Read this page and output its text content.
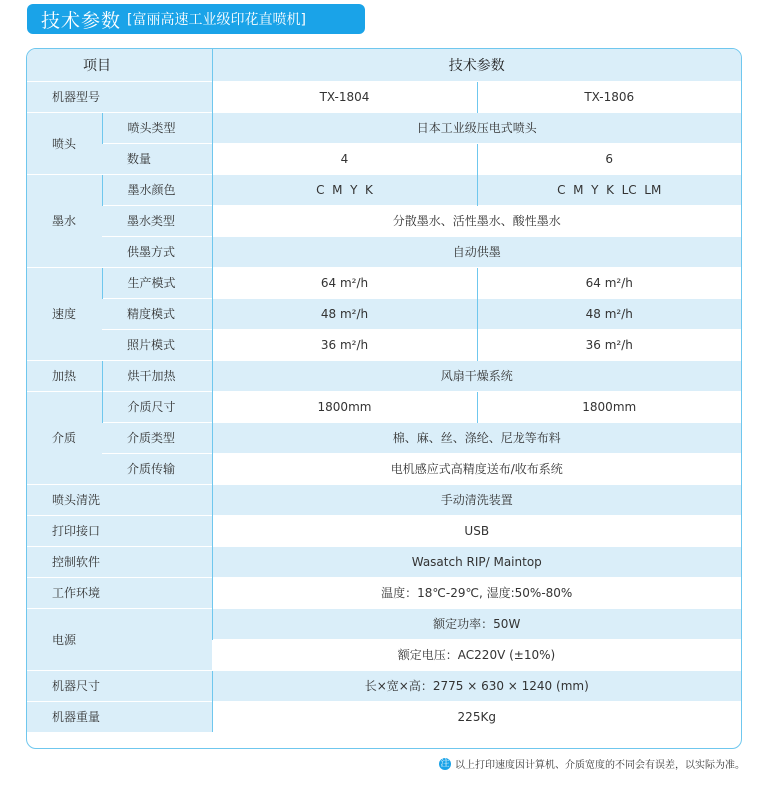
技术参数 [富丽高速工业级印花直喷机]
项目		技术参数	
机器型号		TX-1804	TX-1806
喷头	喷头类型	日本工业级压电式喷头	
	数量	4	6
墨水	墨水颜色	C  M  Y  K	C  M  Y  K  LC  LM
	墨水类型	分散墨水、活性墨水、酸性墨水	
	供墨方式	自动供墨	
速度	生产模式	64 m²/h	64 m²/h
	精度模式	48 m²/h	48 m²/h
	照片模式	36 m²/h	36 m²/h
加热	烘干加热	风扇干燥系统	
介质	介质尺寸	1800mm	1800mm
	介质类型	棉、麻、丝、涤纶、尼龙等布料	
	介质传输	电机感应式高精度送布/收布系统	
喷头清洗		手动清洗装置	
打印接口		USB	
控制软件		Wasatch RIP/ Maintop	
工作环境		温度：18℃-29℃, 湿度:50%-80%	
电源		额定功率：50W	
		额定电压：AC220V (±10%)	
机器尺寸		长×宽×高：2775 × 630 × 1240 (mm)	
机器重量		225Kg	
注 以上打印速度因计算机、介质宽度的不同会有误差，以实际为准。
